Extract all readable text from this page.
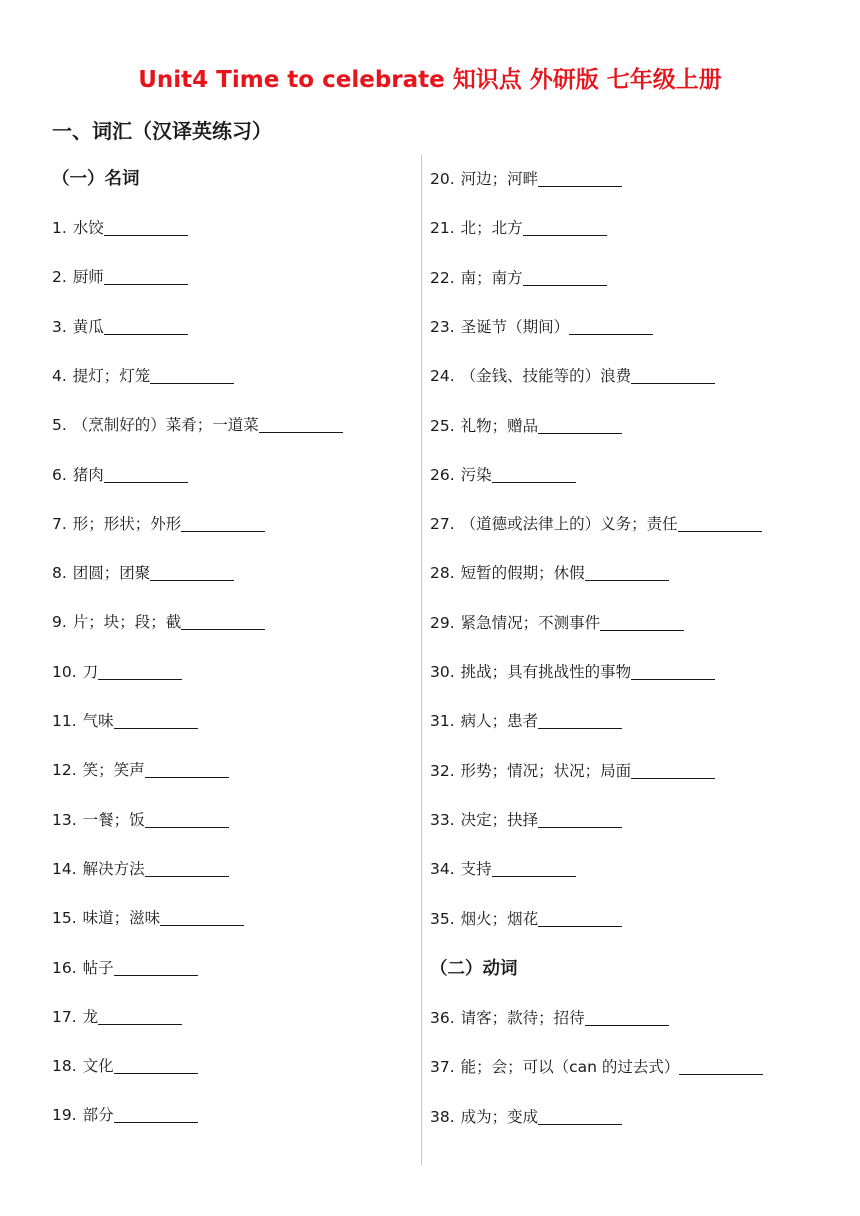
Unit4 Time to celebrate 知识点 外研版 七年级上册
一、词汇（汉译英练习）
（一）名词
1. 水饺
2. 厨师
3. 黄瓜
4. 提灯；灯笼
5. （烹制好的）菜肴；一道菜
6. 猪肉
7. 形；形状；外形
8. 团圆；团聚
9. 片；块；段；截
10. 刀
11. 气味
12. 笑；笑声
13. 一餐；饭
14. 解决方法
15. 味道；滋味
16. 帖子
17. 龙
18. 文化
19. 部分
20. 河边；河畔
21. 北；北方
22. 南；南方
23. 圣诞节（期间）
24. （金钱、技能等的）浪费
25. 礼物；赠品
26. 污染
27. （道德或法律上的）义务；责任
28. 短暂的假期；休假
29. 紧急情况；不测事件
30. 挑战；具有挑战性的事物
31. 病人；患者
32. 形势；情况；状况；局面
33. 决定；抉择
34. 支持
35. 烟火；烟花
（二）动词
36. 请客；款待；招待
37. 能；会；可以（can 的过去式）
38. 成为；变成
